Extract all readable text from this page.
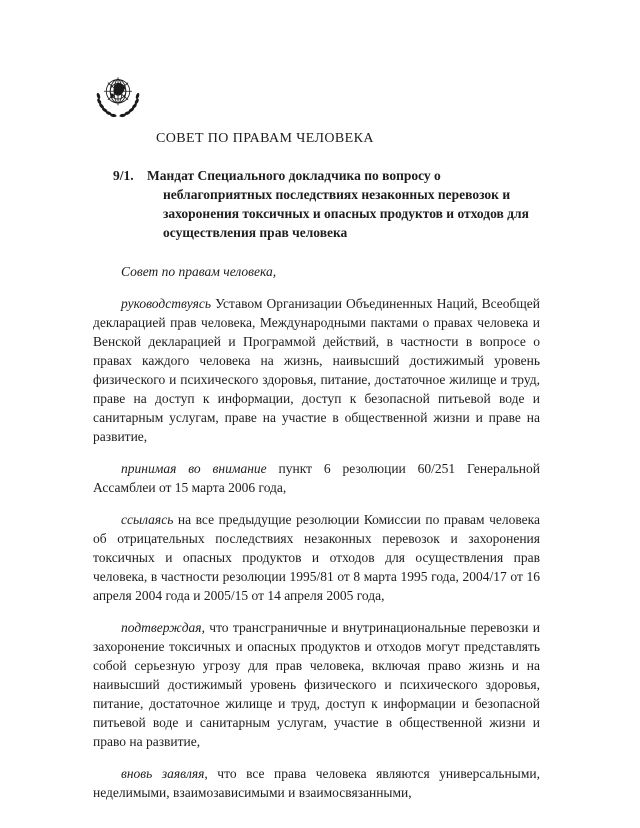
СОВЕТ ПО ПРАВАМ ЧЕЛОВЕКА
9/1. Мандат Специального докладчика по вопросу о неблагоприятных последствиях незаконных перевозок и захоронения токсичных и опасных продуктов и отходов для осуществления прав человека

Совет по правам человека,

руководствуясь Уставом Организации Объединенных Наций, Всеобщей декларацией прав человека, Международными пактами о правах человека и Венской декларацией и Программой действий, в частности в вопросе о правах каждого человека на жизнь, наивысший достижимый уровень физического и психического здоровья, питание, достаточное жилище и труд, праве на доступ к информации, доступ к безопасной питьевой воде и санитарным услугам, праве на участие в общественной жизни и праве на развитие,

принимая во внимание пункт 6 резолюции 60/251 Генеральной Ассамблеи от 15 марта 2006 года,

ссылаясь на все предыдущие резолюции Комиссии по правам человека об отрицательных последствиях незаконных перевозок и захоронения токсичных и опасных продуктов и отходов для осуществления прав человека, в частности резолюции 1995/81 от 8 марта 1995 года, 2004/17 от 16 апреля 2004 года и 2005/15 от 14 апреля 2005 года,

подтверждая, что трансграничные и внутринациональные перевозки и захоронение токсичных и опасных продуктов и отходов могут представлять собой серьезную угрозу для прав человека, включая право жизнь и на наивысший достижимый уровень физического и психического здоровья, питание, достаточное жилище и труд, доступ к информации и безопасной питьевой воде и санитарным услугам, участие в общественной жизни и право на развитие,

вновь заявляя, что все права человека являются универсальными, неделимыми, взаимозависимыми и взаимосвязанными,
